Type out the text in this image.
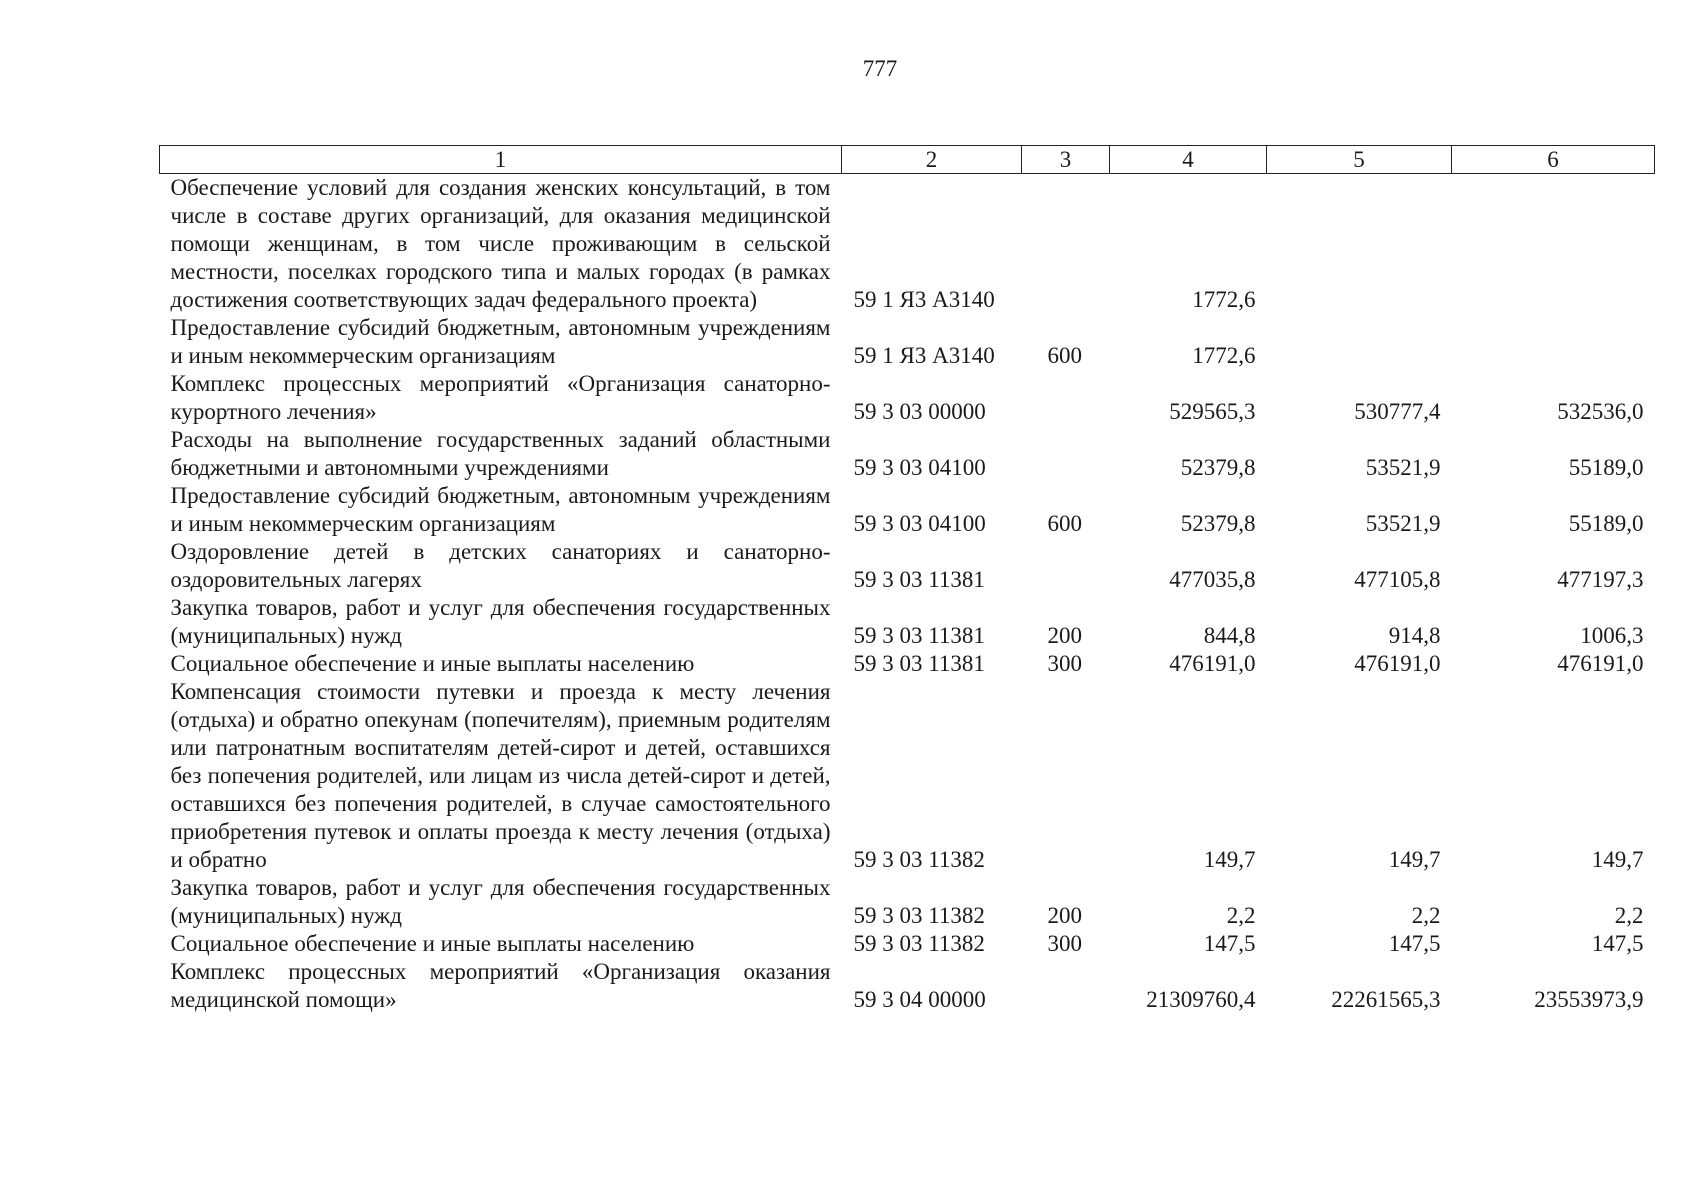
777
1	2	3	4	5	6
Обеспечение условий для создания женских консультаций, в том числе в составе других организаций, для оказания медицинской помощи женщинам, в том числе проживающим в сельской местности, поселках городского типа и малых городах (в рамках достижения соответствующих задач федерального проекта)	59 1 Я3 А3140		1772,6		
Предоставление субсидий бюджетным, автономным учреждениям и иным некоммерческим организациям	59 1 Я3 А3140	600	1772,6		
Комплекс процессных мероприятий «Организация санаторно-курортного лечения»	59 3 03 00000		529565,3	530777,4	532536,0
Расходы на выполнение государственных заданий областными бюджетными и автономными учреждениями	59 3 03 04100		52379,8	53521,9	55189,0
Предоставление субсидий бюджетным, автономным учреждениям и иным некоммерческим организациям	59 3 03 04100	600	52379,8	53521,9	55189,0
Оздоровление детей в детских санаториях и санаторно-оздоровительных лагерях	59 3 03 11381		477035,8	477105,8	477197,3
Закупка товаров, работ и услуг для обеспечения государственных (муниципальных) нужд	59 3 03 11381	200	844,8	914,8	1006,3
Социальное обеспечение и иные выплаты населению	59 3 03 11381	300	476191,0	476191,0	476191,0
Компенсация стоимости путевки и проезда к месту лечения (отдыха) и обратно опекунам (попечителям), приемным родителям или патронатным воспитателям детей-сирот и детей, оставшихся без попечения родителей, или лицам из числа детей-сирот и детей, оставшихся без попечения родителей, в случае самостоятельного приобретения путевок и оплаты проезда к месту лечения (отдыха) и обратно	59 3 03 11382		149,7	149,7	149,7
Закупка товаров, работ и услуг для обеспечения государственных (муниципальных) нужд	59 3 03 11382	200	2,2	2,2	2,2
Социальное обеспечение и иные выплаты населению	59 3 03 11382	300	147,5	147,5	147,5
Комплекс процессных мероприятий «Организация оказания медицинской помощи»	59 3 04 00000		21309760,4	22261565,3	23553973,9
